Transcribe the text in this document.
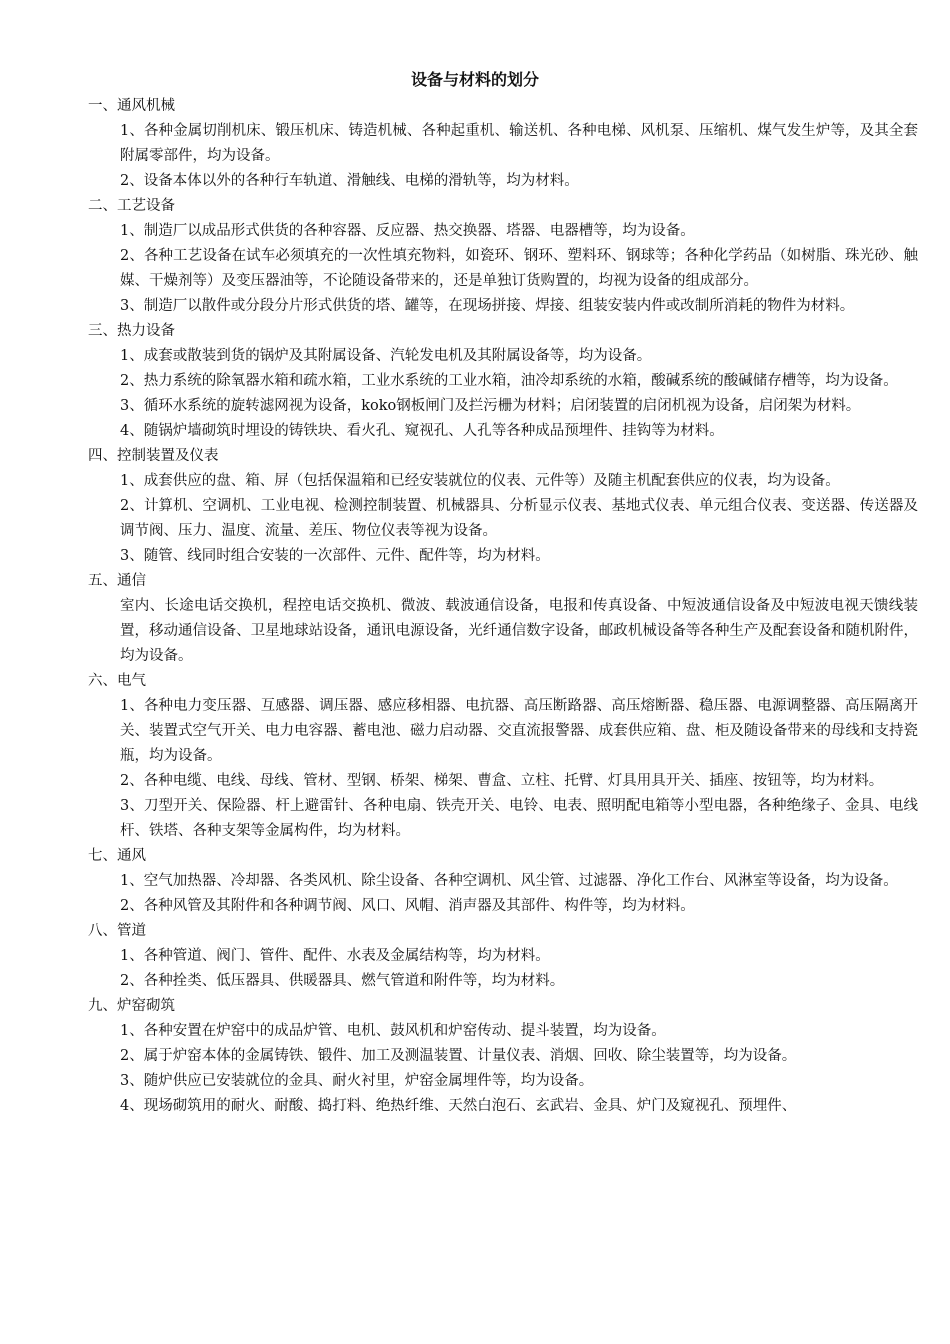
设备与材料的划分
一、通风机械
1、各种金属切削机床、锻压机床、铸造机械、各种起重机、输送机、各种电梯、风机泵、压缩机、煤气发生炉等，及其全套附属零部件，均为设备。
2、设备本体以外的各种行车轨道、滑触线、电梯的滑轨等，均为材料。
二、工艺设备
1、制造厂以成品形式供货的各种容器、反应器、热交换器、塔器、电器槽等，均为设备。
2、各种工艺设备在试车必须填充的一次性填充物料，如瓷环、钢环、塑料环、钢球等；各种化学药品（如树脂、珠光砂、触媒、干燥剂等）及变压器油等，不论随设备带来的，还是单独订货购置的，均视为设备的组成部分。
3、制造厂以散件或分段分片形式供货的塔、罐等，在现场拼接、焊接、组装安装内件或改制所消耗的物件为材料。
三、热力设备
1、成套或散装到货的锅炉及其附属设备、汽轮发电机及其附属设备等，均为设备。
2、热力系统的除氧器水箱和疏水箱，工业水系统的工业水箱，油冷却系统的水箱，酸碱系统的酸碱储存槽等，均为设备。
3、循环水系统的旋转滤网视为设备，koko钢板闸门及拦污栅为材料；启闭装置的启闭机视为设备，启闭架为材料。
4、随锅炉墙砌筑时埋设的铸铁块、看火孔、窥视孔、人孔等各种成品预埋件、挂钩等为材料。
四、控制装置及仪表
1、成套供应的盘、箱、屏（包括保温箱和已经安装就位的仪表、元件等）及随主机配套供应的仪表，均为设备。
2、计算机、空调机、工业电视、检测控制装置、机械器具、分析显示仪表、基地式仪表、单元组合仪表、变送器、传送器及调节阀、压力、温度、流量、差压、物位仪表等视为设备。
3、随管、线同时组合安装的一次部件、元件、配件等，均为材料。
五、通信
室内、长途电话交换机，程控电话交换机、微波、载波通信设备，电报和传真设备、中短波通信设备及中短波电视天馈线装置，移动通信设备、卫星地球站设备，通讯电源设备，光纤通信数字设备，邮政机械设备等各种生产及配套设备和随机附件，均为设备。
六、电气
1、各种电力变压器、互感器、调压器、感应移相器、电抗器、高压断路器、高压熔断器、稳压器、电源调整器、高压隔离开关、装置式空气开关、电力电容器、蓄电池、磁力启动器、交直流报警器、成套供应箱、盘、柜及随设备带来的母线和支持瓷瓶，均为设备。
2、各种电缆、电线、母线、管材、型钢、桥架、梯架、曹盒、立柱、托臂、灯具用具开关、插座、按钮等，均为材料。
3、刀型开关、保险器、杆上避雷针、各种电扇、铁壳开关、电铃、电表、照明配电箱等小型电器，各种绝缘子、金具、电线杆、铁塔、各种支架等金属构件，均为材料。
七、通风
1、空气加热器、冷却器、各类风机、除尘设备、各种空调机、风尘管、过滤器、净化工作台、风淋室等设备，均为设备。
2、各种风管及其附件和各种调节阀、风口、风帽、消声器及其部件、构件等，均为材料。
八、管道
1、各种管道、阀门、管件、配件、水表及金属结构等，均为材料。
2、各种拴类、低压器具、供暖器具、燃气管道和附件等，均为材料。
九、炉窑砌筑
1、各种安置在炉窑中的成品炉管、电机、鼓风机和炉窑传动、提斗装置，均为设备。
2、属于炉窑本体的金属铸铁、锻件、加工及测温装置、计量仪表、消烟、回收、除尘装置等，均为设备。
3、随炉供应已安装就位的金具、耐火衬里，炉窑金属埋件等，均为设备。
4、现场砌筑用的耐火、耐酸、捣打料、绝热纤维、天然白泡石、玄武岩、金具、炉门及窥视孔、预埋件、
